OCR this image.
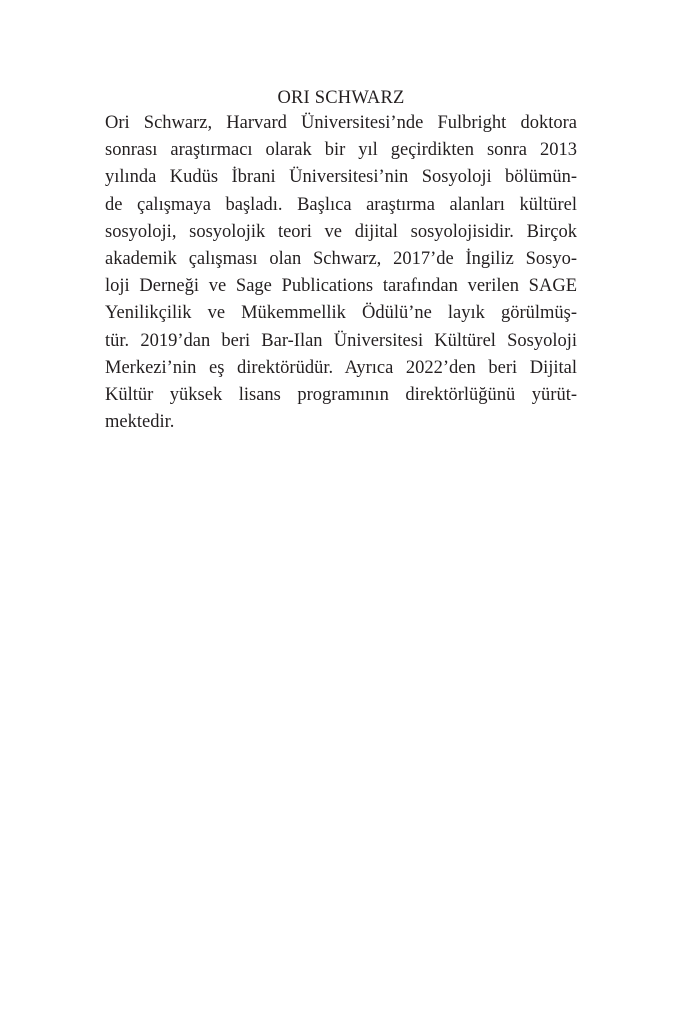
ORI SCHWARZ

Ori Schwarz, Harvard Üniversitesi’nde Fulbright doktora
sonrası araştırmacı olarak bir yıl geçirdikten sonra 2013
yılında Kudüs İbrani Üniversitesi’nin Sosyoloji bölümün-
de çalışmaya başladı. Başlıca araştırma alanları kültürel
sosyoloji, sosyolojik teori ve dijital sosyolojisidir. Birçok
akademik çalışması olan Schwarz, 2017’de İngiliz Sosyo-
loji Derneği ve Sage Publications tarafından verilen SAGE
Yenilikçilik ve Mükemmellik Ödülü’ne layık görülmüş-
tür. 2019’dan beri Bar-Ilan Üniversitesi Kültürel Sosyoloji
Merkezi’nin eş direktörüdür. Ayrıca 2022’den beri Dijital
Kültür yüksek lisans programının direktörlüğünü yürüt-
mektedir.
